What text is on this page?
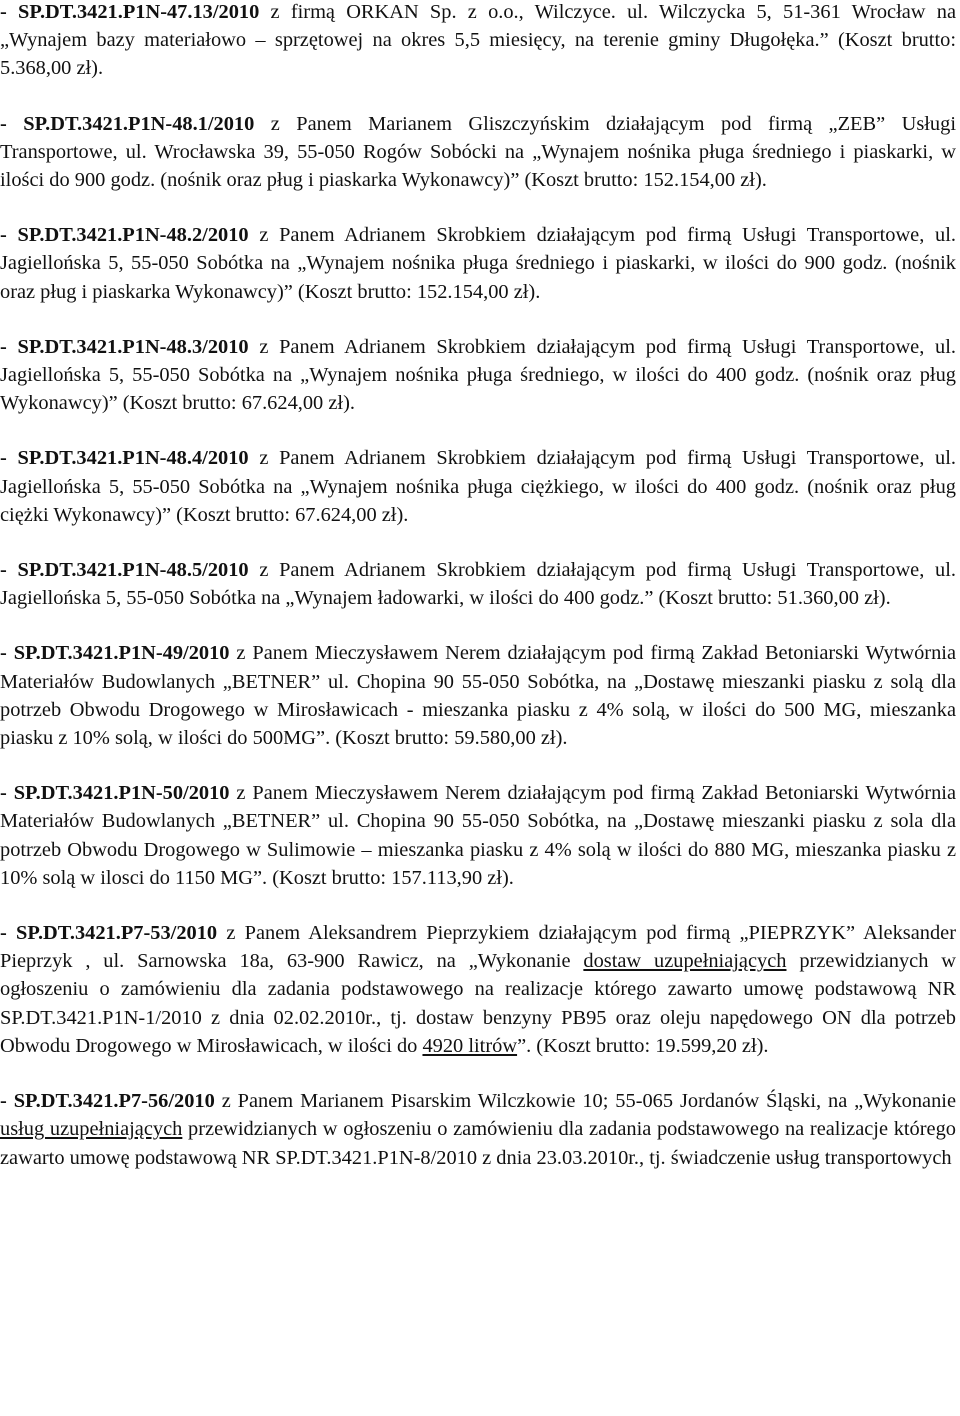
- SP.DT.3421.P1N-47.13/2010 z firmą ORKAN Sp. z o.o., Wilczyce. ul. Wilczycka 5, 51-361 Wrocław na „Wynajem bazy materiałowo – sprzętowej na okres 5,5 miesięcy, na terenie gminy Długołęka.” (Koszt brutto: 5.368,00 zł).

- SP.DT.3421.P1N-48.1/2010 z Panem Marianem Gliszczyńskim działającym pod firmą „ZEB” Usługi Transportowe, ul. Wrocławska 39, 55-050 Rogów Sobócki na „Wynajem nośnika pługa średniego i piaskarki, w ilości do 900 godz. (nośnik oraz pług i piaskarka Wykonawcy)” (Koszt brutto: 152.154,00 zł).

- SP.DT.3421.P1N-48.2/2010 z Panem Adrianem Skrobkiem działającym pod firmą Usługi Transportowe, ul. Jagiellońska 5, 55-050 Sobótka na „Wynajem nośnika pługa średniego i piaskarki, w ilości do 900 godz. (nośnik oraz pług i piaskarka Wykonawcy)” (Koszt brutto: 152.154,00 zł).

- SP.DT.3421.P1N-48.3/2010 z Panem Adrianem Skrobkiem działającym pod firmą Usługi Transportowe, ul. Jagiellońska 5, 55-050 Sobótka na „Wynajem nośnika pługa średniego, w ilości do 400 godz. (nośnik oraz pług Wykonawcy)” (Koszt brutto: 67.624,00 zł).

- SP.DT.3421.P1N-48.4/2010 z Panem Adrianem Skrobkiem działającym pod firmą Usługi Transportowe, ul. Jagiellońska 5, 55-050 Sobótka na „Wynajem nośnika pługa ciężkiego, w ilości do 400 godz. (nośnik oraz pług ciężki Wykonawcy)” (Koszt brutto: 67.624,00 zł).

- SP.DT.3421.P1N-48.5/2010 z Panem Adrianem Skrobkiem działającym pod firmą Usługi Transportowe, ul. Jagiellońska 5, 55-050 Sobótka na „Wynajem ładowarki, w ilości do 400 godz.” (Koszt brutto: 51.360,00 zł).

- SP.DT.3421.P1N-49/2010 z Panem Mieczysławem Nerem działającym pod firmą Zakład Betoniarski Wytwórnia Materiałów Budowlanych „BETNER” ul. Chopina 90 55-050 Sobótka, na „Dostawę mieszanki piasku z solą dla potrzeb Obwodu Drogowego w Mirosławicach - mieszanka piasku z 4% solą, w ilości do 500 MG, mieszanka piasku z 10% solą, w ilości do 500MG”. (Koszt brutto: 59.580,00 zł).

- SP.DT.3421.P1N-50/2010 z Panem Mieczysławem Nerem działającym pod firmą Zakład Betoniarski Wytwórnia Materiałów Budowlanych „BETNER” ul. Chopina 90 55-050 Sobótka, na „Dostawę mieszanki piasku z sola dla potrzeb Obwodu Drogowego w Sulimowie – mieszanka piasku z 4% solą w ilości do 880 MG, mieszanka piasku z 10% solą w ilosci do 1150 MG”. (Koszt brutto: 157.113,90 zł).

- SP.DT.3421.P7-53/2010 z Panem Aleksandrem Pieprzykiem działającym pod firmą „PIEPRZYK” Aleksander Pieprzyk , ul. Sarnowska 18a, 63-900 Rawicz, na „Wykonanie dostaw uzupełniających przewidzianych w ogłoszeniu o zamówieniu dla zadania podstawowego na realizacje którego zawarto umowę podstawową NR SP.DT.3421.P1N-1/2010 z dnia 02.02.2010r., tj. dostaw benzyny PB95 oraz oleju napędowego ON dla potrzeb Obwodu Drogowego w Mirosławicach, w ilości do 4920 litrów”. (Koszt brutto: 19.599,20 zł).

- SP.DT.3421.P7-56/2010 z Panem Marianem Pisarskim Wilczkowie 10; 55-065 Jordanów Śląski, na „Wykonanie usług uzupełniających przewidzianych w ogłoszeniu o zamówieniu dla zadania podstawowego na realizacje którego zawarto umowę podstawową NR SP.DT.3421.P1N-8/2010 z dnia 23.03.2010r., tj. świadczenie usług transportowych
